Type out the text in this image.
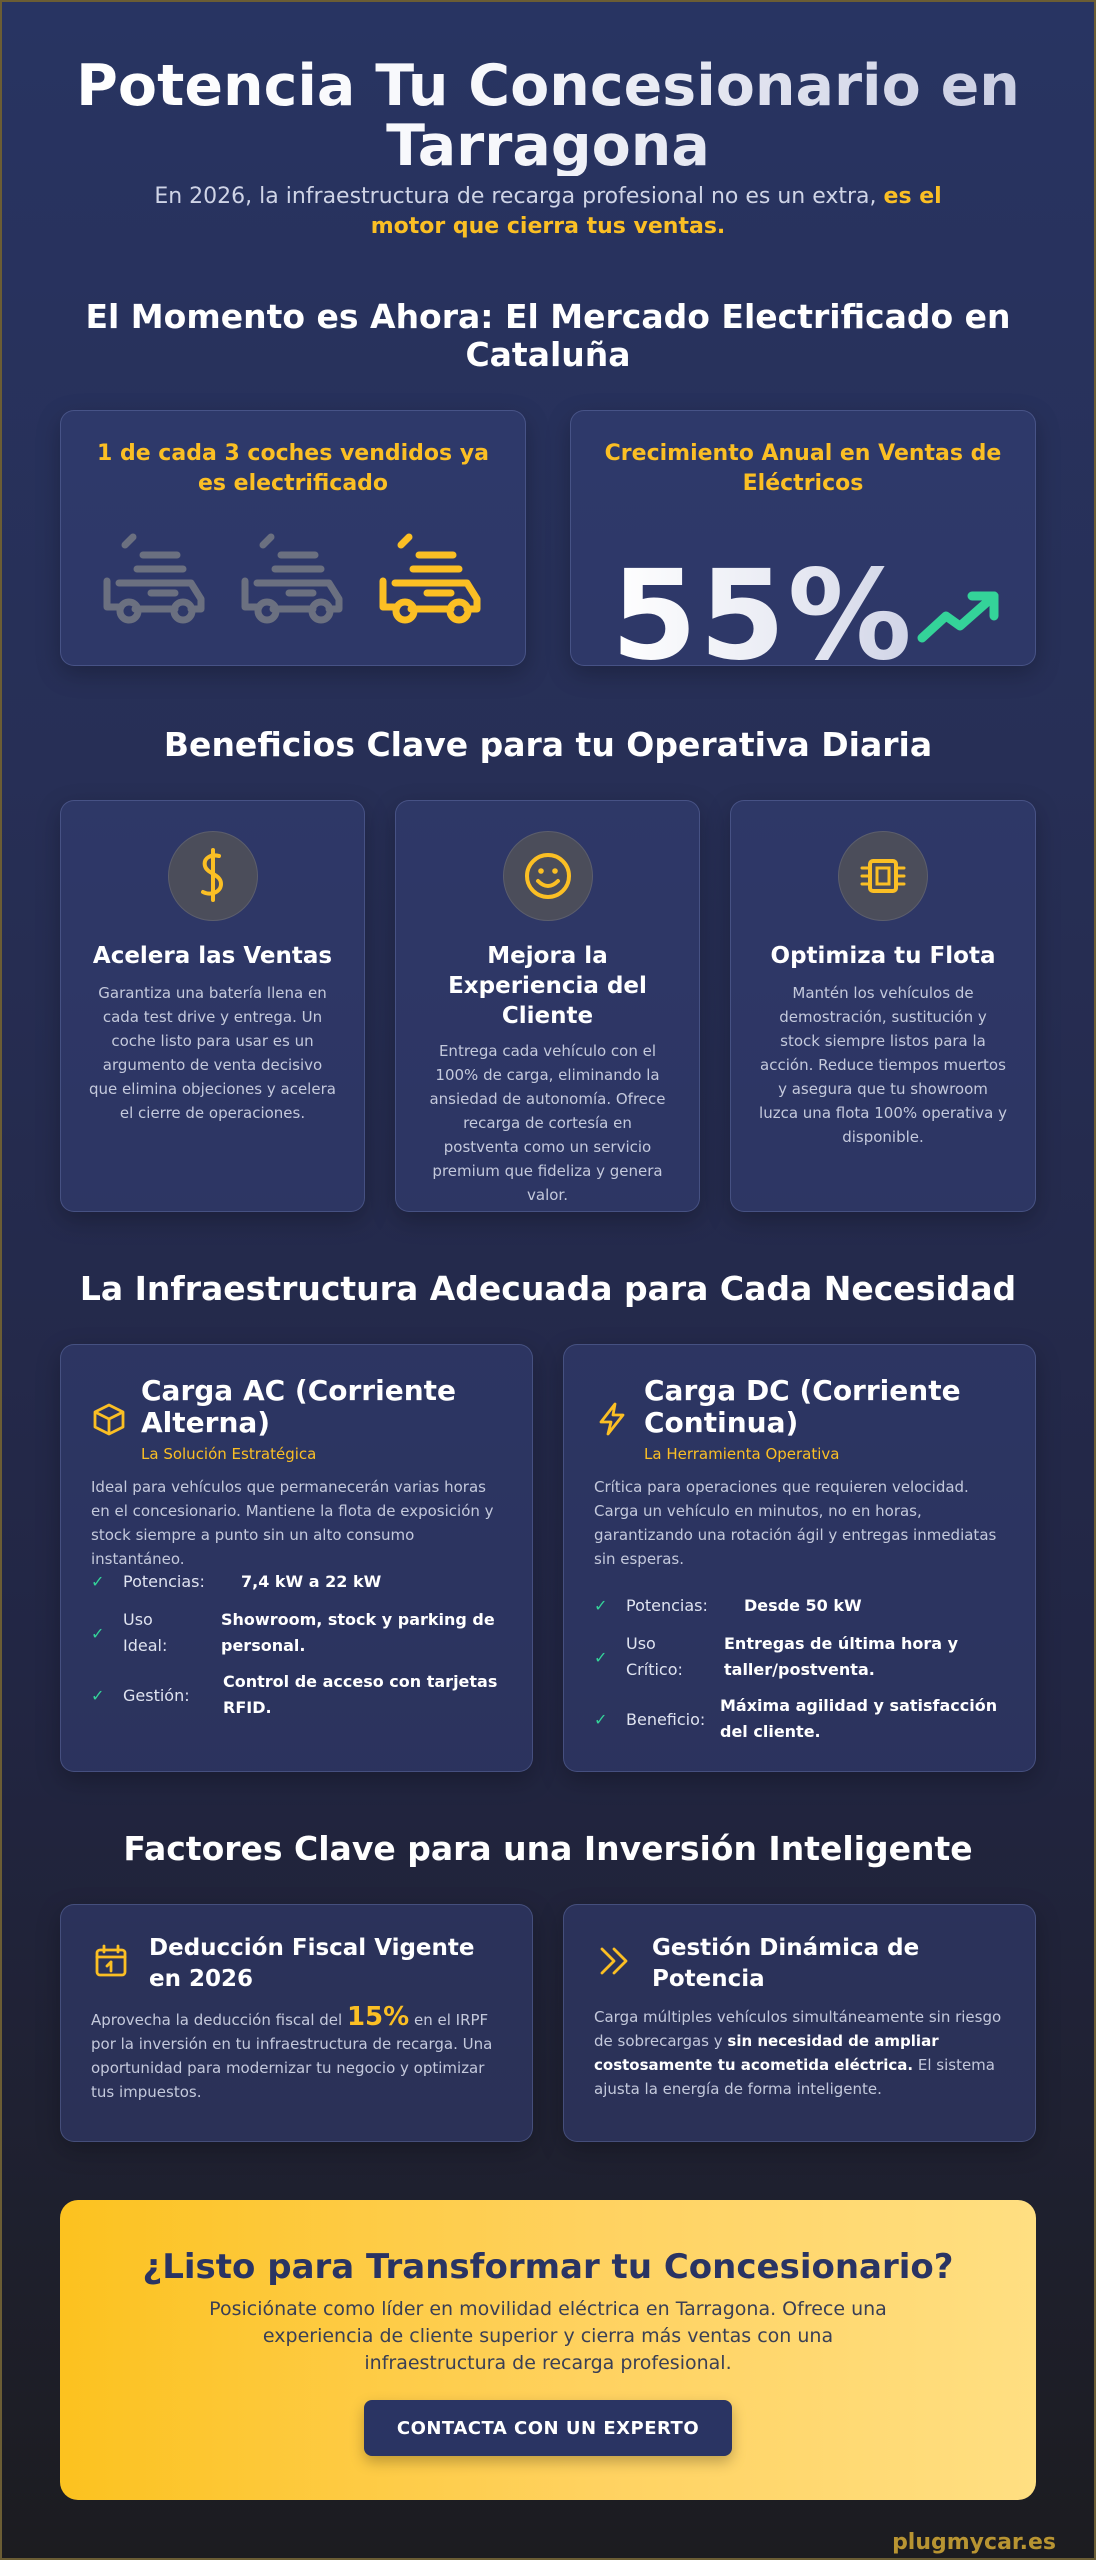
Potencia Tu Concesionario en Tarragona

En 2026, la infraestructura de recarga profesional no es un extra, es el motor que cierra tus ventas.

El Momento es Ahora: El Mercado Electrificado en Cataluña
1 de cada 3 coches vendidos ya es electrificado
Crecimiento Anual en Ventas de Eléctricos
55%
Beneficios Clave para tu Operativa Diaria
Acelera las Ventas
Garantiza una batería llena en cada test drive y entrega. Un coche listo para usar es un argumento de venta decisivo que elimina objeciones y acelera el cierre de operaciones.
Mejora la Experiencia del Cliente
Entrega cada vehículo con el 100% de carga, eliminando la ansiedad de autonomía. Ofrece recarga de cortesía en postventa como un servicio premium que fideliza y genera valor.
Optimiza tu Flota
Mantén los vehículos de demostración, sustitución y stock siempre listos para la acción. Reduce tiempos muertos y asegura que tu showroom luzca una flota 100% operativa y disponible.
La Infraestructura Adecuada para Cada Necesidad
Carga AC (Corriente Alterna)
La Solución Estratégica
Ideal para vehículos que permanecerán varias horas en el concesionario. Mantiene la flota de exposición y stock siempre a punto sin un alto consumo instantáneo.
✓	Potencias: 7,4 kW a 22 kW
✓
Uso Ideal:
Showroom, stock y parking de personal.
✓	Gestión:
Control de acceso con tarjetas RFID.
Carga DC (Corriente Continua)
La Herramienta Operativa
Crítica para operaciones que requieren velocidad. Carga un vehículo en minutos, no en horas, garantizando una rotación ágil y entregas inmediatas sin esperas.
✓	Potencias: Desde 50 kW
✓
Uso Crítico:
Entregas de última hora y taller/postventa.
✓	Beneficio:
Máxima agilidad y satisfacción del cliente.
Factores Clave para una Inversión Inteligente
Deducción Fiscal Vigente en 2026
Aprovecha la deducción fiscal del 15% en el IRPF por la inversión en tu infraestructura de recarga. Una oportunidad para modernizar tu negocio y optimizar tus impuestos.
Gestión Dinámica de Potencia
Carga múltiples vehículos simultáneamente sin riesgo de sobrecargas y sin necesidad de ampliar costosamente tu acometida eléctrica. El sistema ajusta la energía de forma inteligente.
¿Listo para Transformar tu Concesionario?
Posiciónate como líder en movilidad eléctrica en Tarragona. Ofrece una experiencia de cliente superior y cierra más ventas con una infraestructura de recarga profesional.
CONTACTA CON UN EXPERTO
plugmycar.es
